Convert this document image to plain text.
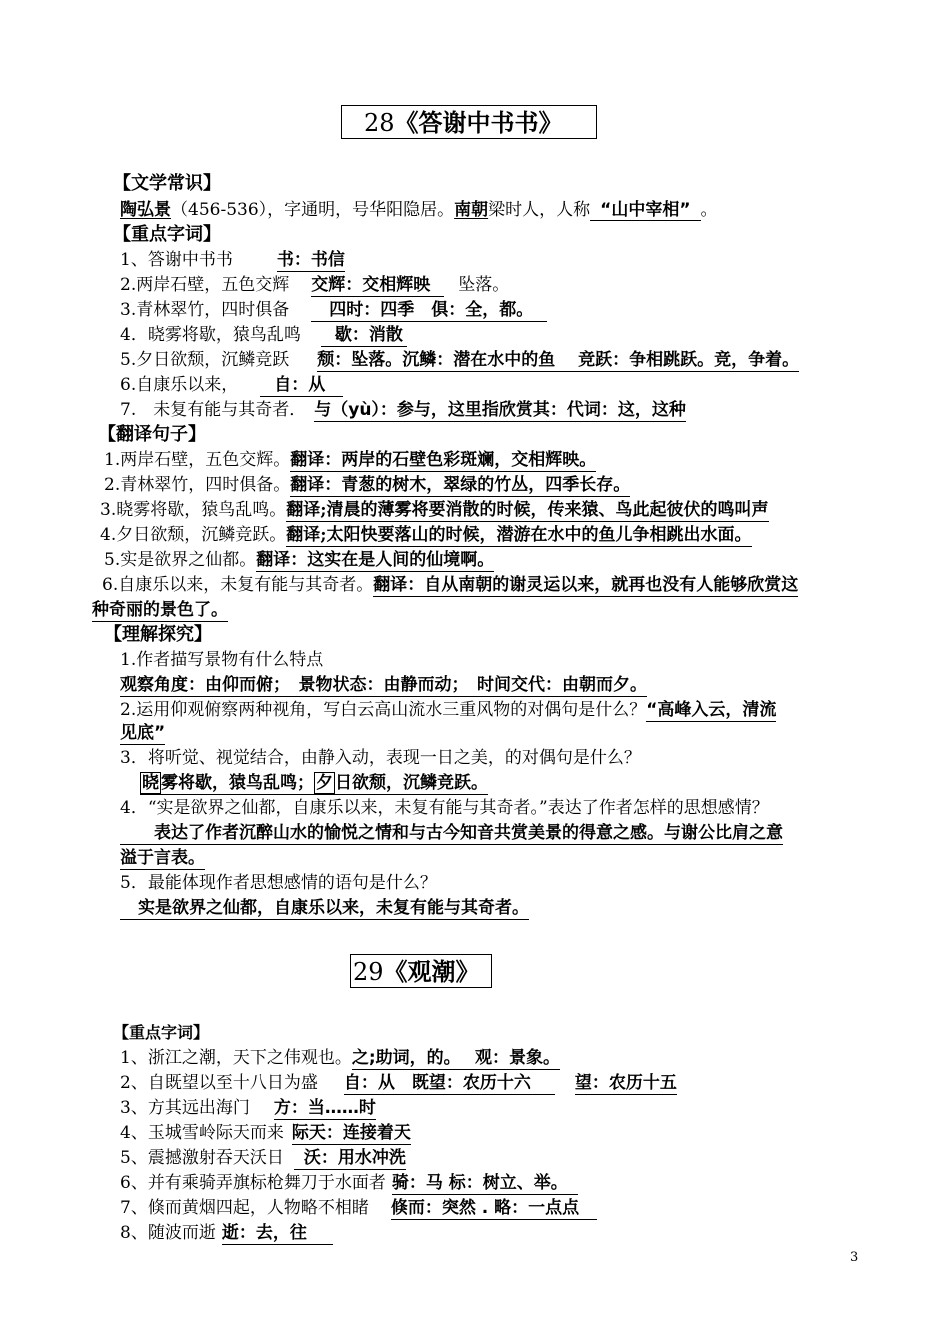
28《答谢中书书》
【文学常识】
陶弘景（456-536），字通明，号华阳隐居。南朝梁时人，人称 “山中宰相” 。
【重点字词】
1、答谢中书书	书：书信
2.两岸石壁，五色交辉 交辉：交相辉映 坠落。
3.青林翠竹，四时俱备 四时：四季　俱：全，都。
4．晓雾将歇，猿鸟乱鸣 歇：消散
5.夕日欲颓，沉鳞竞跃 颓：坠落。沉鳞：潜在水中的鱼　 竞跃：争相跳跃。竞，争着。
6.自康乐以来， 自：从
7.　未复有能与其奇者． 与（yù）：参与，这里指欣赏其：代词：这，这种
【翻译句子】
1.两岸石壁，五色交辉。翻译：两岸的石壁色彩斑斓，交相辉映。
2.青林翠竹，四时俱备。翻译：青葱的树木，翠绿的竹丛，四季长存。
3.晓雾将歇，猿鸟乱鸣。翻译;清晨的薄雾将要消散的时候，传来猿、鸟此起彼伏的鸣叫声
4.夕日欲颓，沉鳞竞跃。翻译;太阳快要落山的时候，潜游在水中的鱼儿争相跳出水面。
5.实是欲界之仙都。翻译：这实在是人间的仙境啊。
6.自康乐以来，未复有能与其奇者。翻译：自从南朝的谢灵运以来，就再也没有人能够欣赏这
种奇丽的景色了。
【理解探究】
1.作者描写景物有什么特点
观察角度：由仰而俯；　景物状态：由静而动；　时间交代：由朝而夕。
2.运用仰观俯察两种视角，写白云高山流水三重风物的对偶句是什么？“高峰入云，清流
见底”
3．将听觉、视觉结合，由静入动，表现一日之美，的对偶句是什么？
晓 雾将歇，猿鸟乱鸣； 夕 日欲颓，沉鳞竞跃。
4．“实是欲界之仙都，自康乐以来，未复有能与其奇者。”表达了作者怎样的思想感情？
表达了作者沉醉山水的愉悦之情和与古今知音共赏美景的得意之感。与谢公比肩之意
溢于言表。
5．最能体现作者思想感情的语句是什么？
实是欲界之仙都，自康乐以来，未复有能与其奇者。
29《观潮》
【重点字词】
1、浙江之潮，天下之伟观也。之;助词，的。　 观：景象。
2、自既望以至十八日为盛 自：从　既望：农历十六	望：农历十五
3、方其远出海门 方：当……时
4、玉城雪岭际天而来 际天：连接着天
5、震撼激射吞天沃日 沃：用水冲洗
6、并有乘骑弄旗标枪舞刀于水面者 骑：马 标：树立、举。
7、倏而黄烟四起，人物略不相睹 倏而：突然 . 略：一点点
8、随波而逝 逝：去，往
3
